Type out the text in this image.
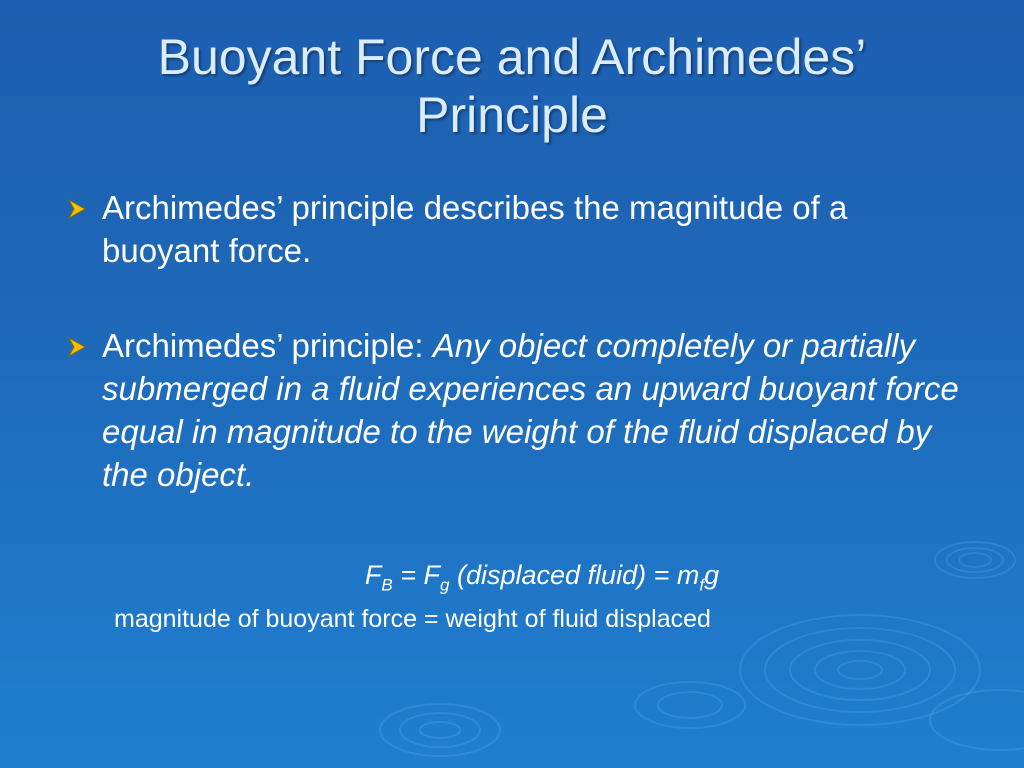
Buoyant Force and Archimedes’
Principle
Archimedes’ principle describes the magnitude of a buoyant force.
Archimedes’ principle: Any object completely or partially submerged in a fluid experiences an upward buoyant force equal in magnitude to the weight of the fluid displaced by the object.
$F_B = F_g$ (displaced fluid) = $m_fg$
magnitude of buoyant force = weight of fluid displaced
